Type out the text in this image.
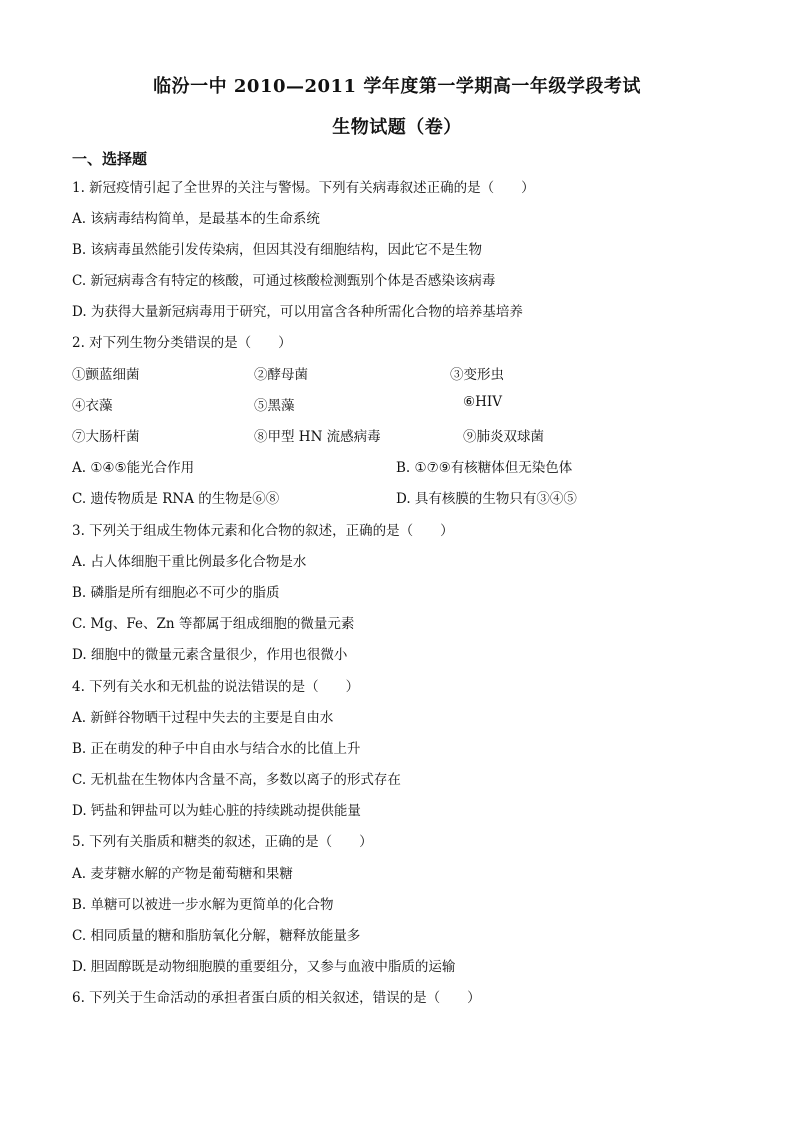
临汾一中 2010—2011 学年度第一学期高一年级学段考试
生物试题（卷）
一、选择题
1. 新冠疫情引起了全世界的关注与警惕。下列有关病毒叙述正确的是（　　）
A. 该病毒结构简单，是最基本的生命系统
B. 该病毒虽然能引发传染病，但因其没有细胞结构，因此它不是生物
C. 新冠病毒含有特定的核酸，可通过核酸检测甄别个体是否感染该病毒
D. 为获得大量新冠病毒用于研究，可以用富含各种所需化合物的培养基培养
2. 对下列生物分类错误的是（　　）
①颤蓝细菌	②酵母菌	③变形虫
④衣藻	⑤黑藻	⑥HIV
⑦大肠杆菌	⑧甲型 HN 流感病毒	⑨肺炎双球菌
A. ①④⑤能光合作用	B. ①⑦⑨有核糖体但无染色体
C. 遗传物质是 RNA 的生物是⑥⑧	D. 具有核膜的生物只有③④⑤
3. 下列关于组成生物体元素和化合物的叙述，正确的是（　　）
A. 占人体细胞干重比例最多化合物是水
B. 磷脂是所有细胞必不可少的脂质
C. Mg、Fe、Zn 等都属于组成细胞的微量元素
D. 细胞中的微量元素含量很少，作用也很微小
4. 下列有关水和无机盐的说法错误的是（　　）
A. 新鲜谷物晒干过程中失去的主要是自由水
B. 正在萌发的种子中自由水与结合水的比值上升
C. 无机盐在生物体内含量不高，多数以离子的形式存在
D. 钙盐和钾盐可以为蛙心脏的持续跳动提供能量
5. 下列有关脂质和糖类的叙述，正确的是（　　）
A. 麦芽糖水解的产物是葡萄糖和果糖
B. 单糖可以被进一步水解为更简单的化合物
C. 相同质量的糖和脂肪氧化分解，糖释放能量多
D. 胆固醇既是动物细胞膜的重要组分，又参与血液中脂质的运输
6. 下列关于生命活动的承担者蛋白质的相关叙述，错误的是（　　）
